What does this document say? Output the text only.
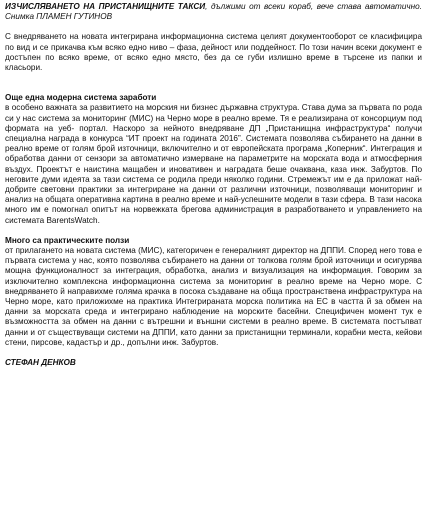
ИЗЧИСЛЯВАНЕТО НА ПРИСТАНИЩНИТЕ ТАКСИ, дължими от всеки кораб, вече става автоматично. Снимка ПЛАМЕН ГУТИНОВ

С внедряването на новата интегрирана информационна система целият документооборот се класифицира по вид и се прикачва към всяко едно ниво – фаза, дейност или поддейност. По този начин всеки документ е достъпен по всяко време, от всяко едно място, без да се губи излишно време в търсене из папки и класьори.

Още една модерна система заработи

в особено важната за развитието на морския ни бизнес държавна структура. Става дума за първата по рода си у нас система за мониторинг (МИС) на Черно море в реално време. Тя е реализирана от консорциум под формата на уеб- портал. Наскоро за нейното внедряване ДП „Пристанищна инфраструктура“ получи специална награда в конкурса “ИТ проект на годината 2016”. Системата позволява събирането на данни в реално време от голям брой източници, включително и от европейската програма „Коперник“. Интеграция и обработва данни от сензори за автоматично измерване на параметрите на морската вода и атмосферния въздух. Проектът е наистина мащабен и иновативен и наградата беше очаквана, каза инж. Забуртов. По неговите думи идеята за тази система се родила преди няколко години. Стремежът им е да приложат най-добрите световни практики за интегриране на данни от различни източници, позволяващи мониторинг и анализ на общата оперативна картина в реално време и най-успешните модели в тази сфера. В тази насока много им е помогнал опитът на норвежката брегова администрация в разработването и управлението на системата BarentsWatch.

Много са практическите ползи

от прилагането на новата система (МИС), категоричен е генералният директор на ДППИ. Според него това е първата система у нас, която позволява събирането на данни от толкова голям брой източници и осигурява мощна функционалност за интеграция, обработка, анализ и визуализация на информация. Говорим за изключително комплексна информационна система за мониторинг в реално време на Черно море. С внедряването й направихме голяма крачка в посока създаване на обща пространствена инфраструктура на Черно море, като приложихме на практика Интегрираната морска политика на ЕС в частта й за обмен на данни за морската среда и интегрирано наблюдение на морските басейни. Специфичен момент тук е възможността за обмен на данни с вътрешни и външни системи в реално време. В системата постъпват данни и от съществуващи системи на ДППИ, като данни за пристанищни терминали, корабни места, кейови стени, пирсове, кадастър и др., допълни инж. Забуртов.

СТЕФАН ДЕНКОВ
